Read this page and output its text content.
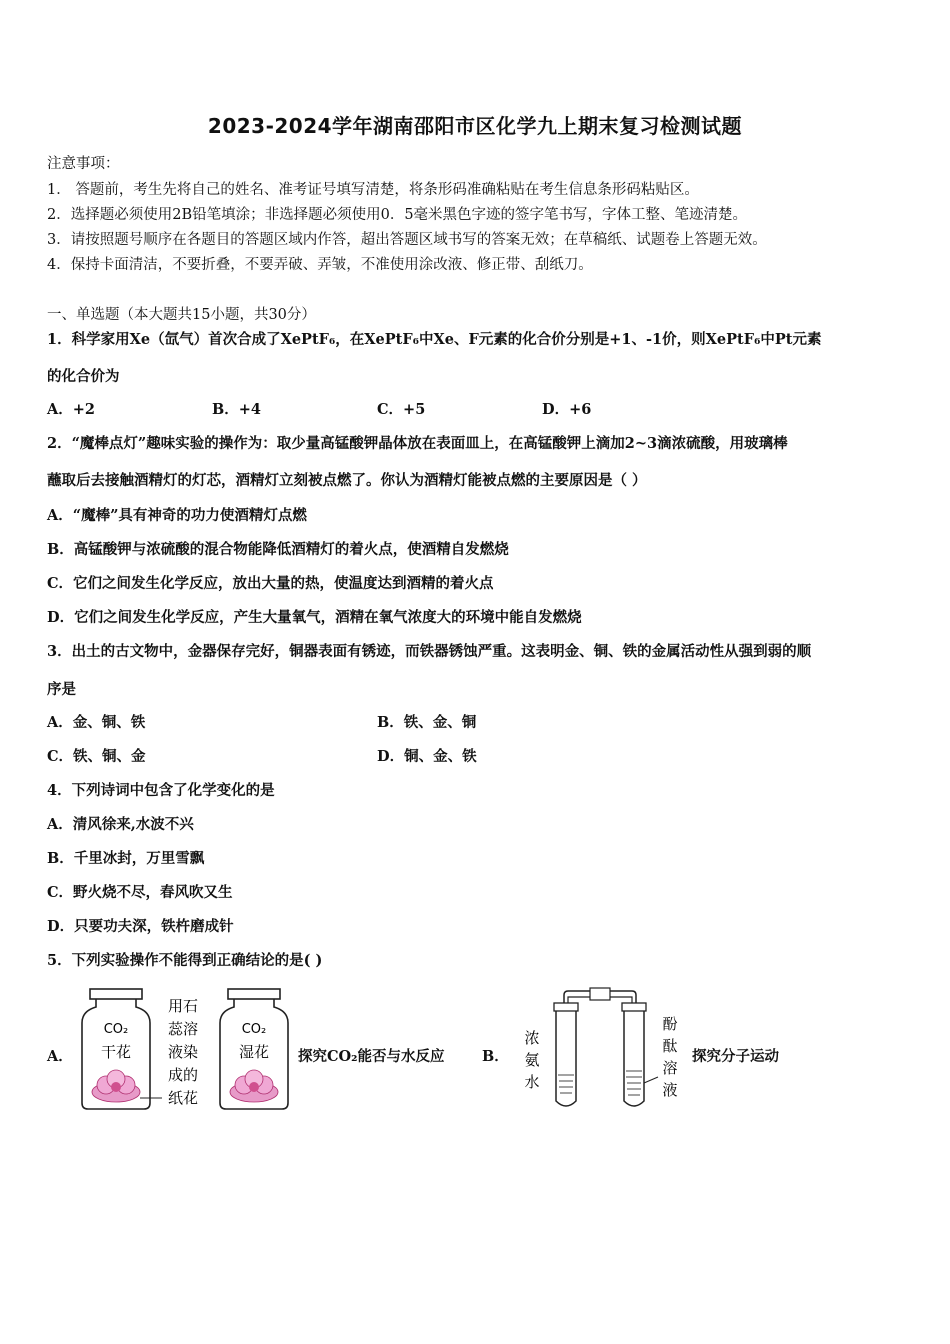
2023-2024学年湖南邵阳市区化学九上期末复习检测试题
注意事项：
1． 答题前，考生先将自己的姓名、准考证号填写清楚，将条形码准确粘贴在考生信息条形码粘贴区。
2．选择题必须使用2B铅笔填涂；非选择题必须使用0．5毫米黑色字迹的签字笔书写，字体工整、笔迹清楚。
3．请按照题号顺序在各题目的答题区域内作答，超出答题区域书写的答案无效；在草稿纸、试题卷上答题无效。
4．保持卡面清洁，不要折叠，不要弄破、弄皱，不准使用涂改液、修正带、刮纸刀。
一、单选题（本大题共15小题，共30分）
1．科学家用Xe（氙气）首次合成了XePtF₆，在XePtF₆中Xe、F元素的化合价分别是+1、-1价，则XePtF₆中Pt元素
的化合价为
A．+2	B．+4	C．+5	D．+6
2．“魔棒点灯”趣味实验的操作为：取少量高锰酸钾晶体放在表面皿上，在高锰酸钾上滴加2~3滴浓硫酸，用玻璃棒
蘸取后去接触酒精灯的灯芯，酒精灯立刻被点燃了。你认为酒精灯能被点燃的主要原因是（ ）
A．“魔棒”具有神奇的功力使酒精灯点燃
B．高锰酸钾与浓硫酸的混合物能降低酒精灯的着火点，使酒精自发燃烧
C．它们之间发生化学反应，放出大量的热，使温度达到酒精的着火点
D．它们之间发生化学反应，产生大量氧气，酒精在氧气浓度大的环境中能自发燃烧
3．出土的古文物中，金器保存完好，铜器表面有锈迹，而铁器锈蚀严重。这表明金、铜、铁的金属活动性从强到弱的顺
序是
A．金、铜、铁	B．铁、金、铜
C．铁、铜、金	D．铜、金、铁
4．下列诗词中包含了化学变化的是
A．清风徐来,水波不兴
B．千里冰封，万里雪飘
C．野火烧不尽，春风吹又生
D．只要功夫深，铁杵磨成针
5．下列实验操作不能得到正确结论的是( )
A．
CO₂
干花
CO₂
湿花
用石
蕊溶
液染
成的
纸花
探究CO₂能否与水反应	B．
浓
氨
水
酚
酞
溶
液
探究分子运动
